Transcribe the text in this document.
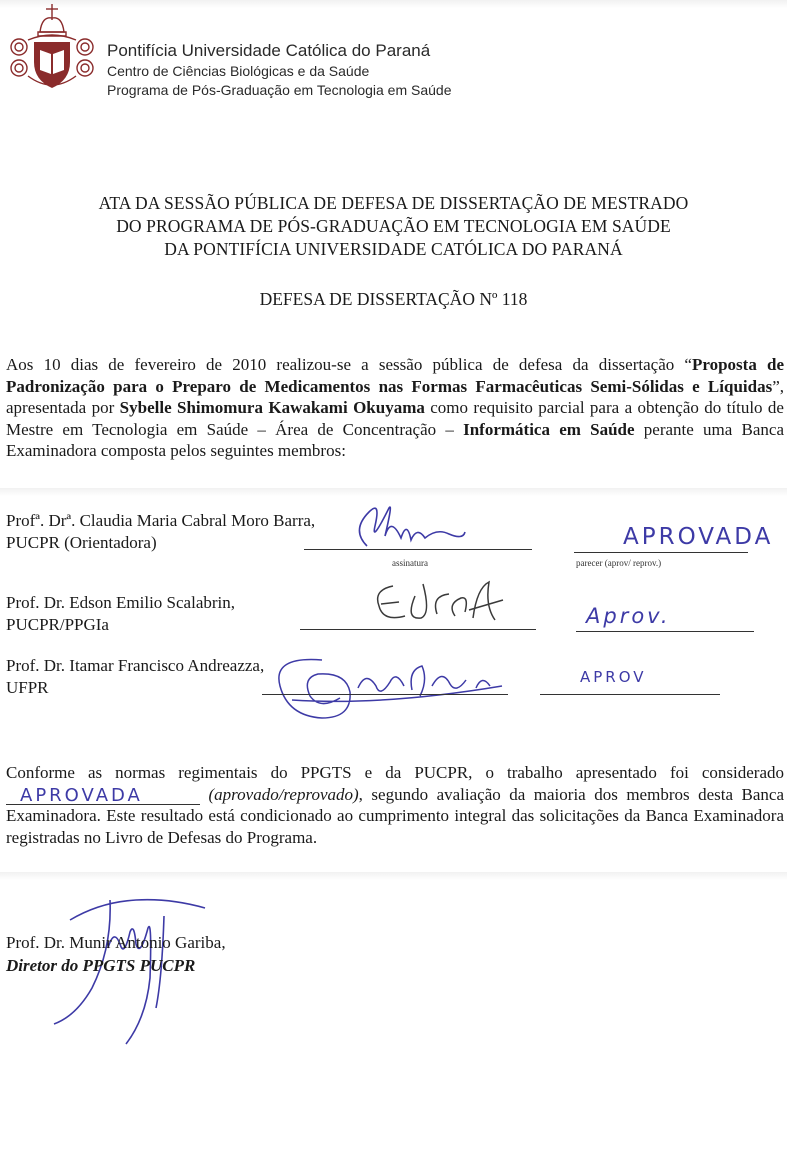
Pontifícia Universidade Católica do Paraná
Centro de Ciências Biológicas e da Saúde
Programa de Pós-Graduação em Tecnologia em Saúde
ATA DA SESSÃO PÚBLICA DE DEFESA DE DISSERTAÇÃO DE MESTRADO
DO PROGRAMA DE PÓS-GRADUAÇÃO EM TECNOLOGIA EM SAÚDE
DA PONTIFÍCIA UNIVERSIDADE CATÓLICA DO PARANÁ
DEFESA DE DISSERTAÇÃO Nº 118
Aos 10 dias de fevereiro de 2010 realizou-se a sessão pública de defesa da dissertação “Proposta de Padronização para o Preparo de Medicamentos nas Formas Farmacêuticas Semi-Sólidas e Líquidas”, apresentada por Sybelle Shimomura Kawakami Okuyama como requisito parcial para a obtenção do título de Mestre em Tecnologia em Saúde – Área de Concentração – Informática em Saúde perante uma Banca Examinadora composta pelos seguintes membros:
Profª. Drª. Claudia Maria Cabral Moro Barra,
PUCPR (Orientadora)
assinatura
APROVADA
parecer (aprov/ reprov.)
Prof. Dr. Edson Emilio Scalabrin,
PUCPR/PPGIa	Aprov.
Prof. Dr. Itamar Francisco Andreazza,
UFPR
APROV
Conforme as normas regimentais do PPGTS e da PUCPR, o trabalho apresentado foi considerado APROVADA	(aprovado/reprovado), segundo avaliação da maioria dos membros desta Banca Examinadora. Este resultado está condicionado ao cumprimento integral das solicitações da Banca Examinadora registradas no Livro de Defesas do Programa.
Prof. Dr. Munir Antonio Gariba,
Diretor do PPGTS PUCPR
